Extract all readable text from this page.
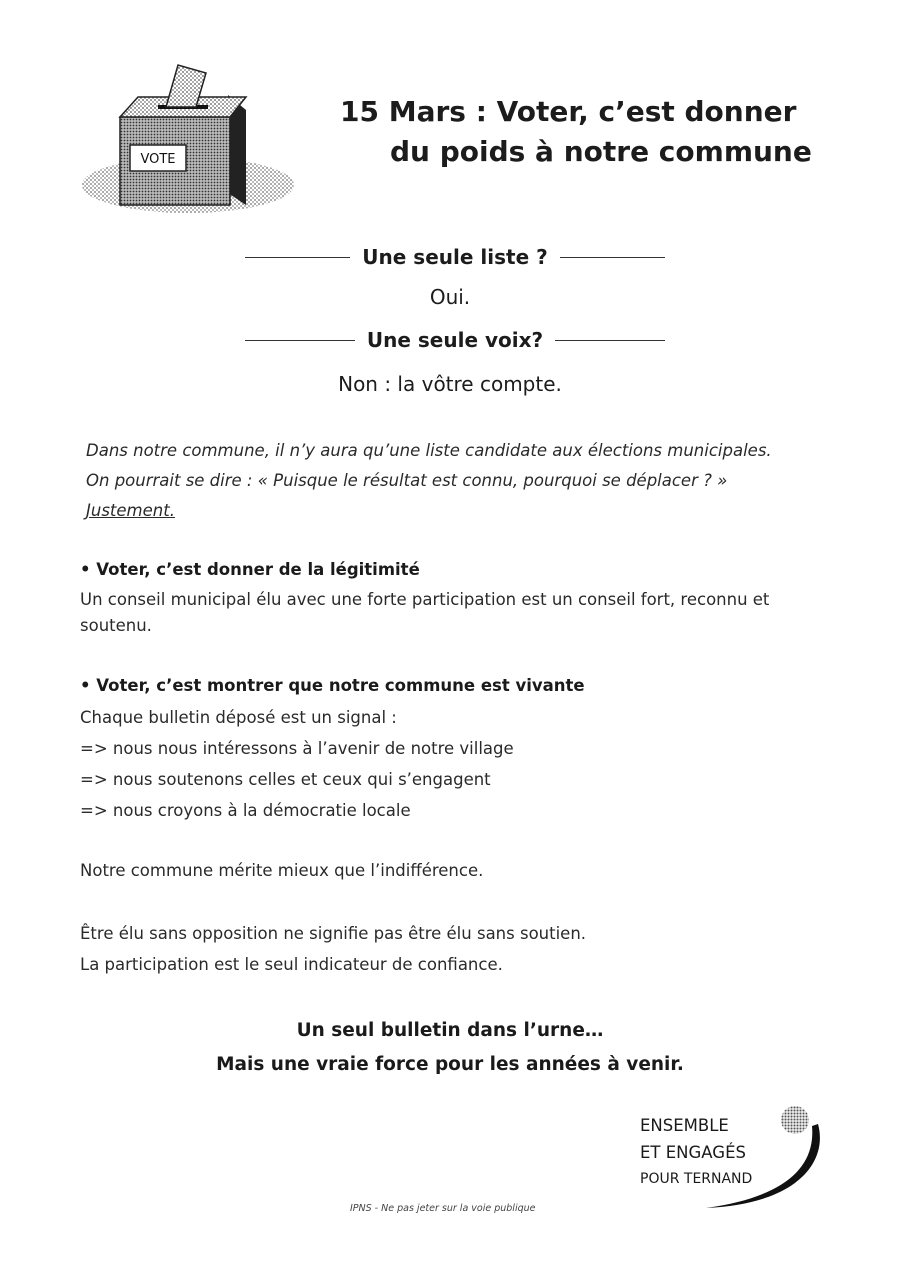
VOTE
15 Mars : Voter, c’est donner
du poids à notre commune
Une seule liste ?
Oui.
Une seule voix?
Non : la vôtre compte.
Dans notre commune, il n’y aura qu’une liste candidate aux élections municipales.
On pourrait se dire : « Puisque le résultat est connu, pourquoi se déplacer ? »
Justement.
• Voter, c’est donner de la légitimité
Un conseil municipal élu avec une forte participation est un conseil fort, reconnu et soutenu.
• Voter, c’est montrer que notre commune est vivante
Chaque bulletin déposé est un signal :
=> nous nous intéressons à l’avenir de notre village
=> nous soutenons celles et ceux qui s’engagent
=> nous croyons à la démocratie locale
Notre commune mérite mieux que l’indifférence.
Être élu sans opposition ne signifie pas être élu sans soutien.
La participation est le seul indicateur de confiance.
Un seul bulletin dans l’urne…
Mais une vraie force pour les années à venir.
ENSEMBLE
ET ENGAGÉS
POUR TERNAND
IPNS - Ne pas jeter sur la voie publique
